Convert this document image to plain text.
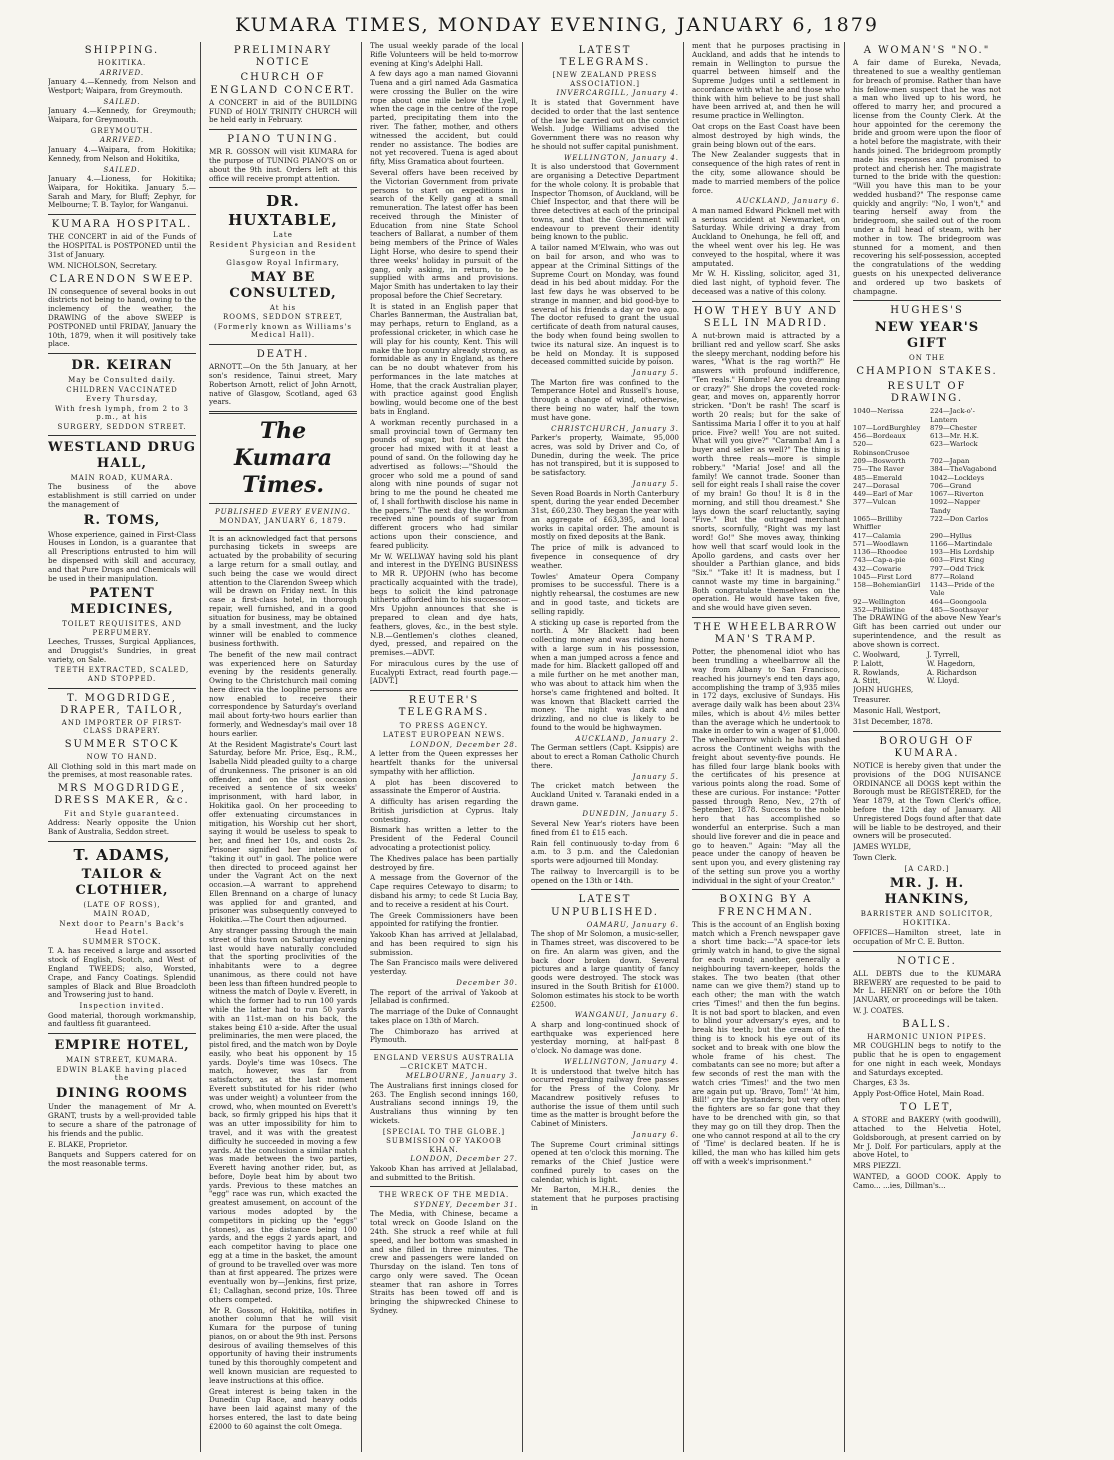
KUMARA TIMES, MONDAY EVENING, JANUARY 6, 1879
SHIPPING.
HOKITIKA.
ARRIVED.

January 4.—Kennedy, from Nelson and Westport; Waipara, from Greymouth.

SAILED.

January 4.—Kennedy, for Greymouth; Waipara, for Greymouth.

GREYMOUTH.
ARRIVED.

January 4.—Waipara, from Hokitika; Kennedy, from Nelson and Hokitika,

SAILED.

January 4.—Lioness, for Hokitika; Waipara, for Hokitika. January 5.—Sarah and Mary, for Bluff; Zephyr, for Melbourne; T. B. Taylor, for Wanganui.

KUMARA HOSPITAL.

THE CONCERT in aid of the Funds of the HOSPITAL is POSTPONED until the 31st of January.

WM. NICHOLSON, Secretary.

CLARENDON SWEEP.

IN consequence of several books in out districts not being to hand, owing to the inclemency of the weather, the DRAWING of the above SWEEP is POSTPONED until FRIDAY, January the 10th, 1879, when it will positively take place.

DR. KEIRAN
May be Consulted daily.
CHILDREN VACCINATED
Every Thursday,
With fresh lymph, from 2 to 3 p.m., at his
SURGERY, SEDDON STREET.
WESTLAND DRUG HALL,
MAIN ROAD, KUMARA.

The business of the above establishment is still carried on under the management of

R. TOMS,

Whose experience, gained in First-Class Houses in London, is a guarantee that all Prescriptions entrusted to him will be dispensed with skill and accuracy, and that Pure Drugs and Chemicals will be used in their manipulation.

PATENT MEDICINES,
TOILET REQUISITES, AND PERFUMERY.

Leeches, Trusses, Surgical Appliances, and Druggist's Sundries, in great variety, on Sale.

TEETH EXTRACTED, SCALED, AND STOPPED.
T. MOGDRIDGE, DRAPER, TAILOR,
AND IMPORTER OF FIRST-CLASS DRAPERY.
SUMMER STOCK
NOW TO HAND.

All Clothing sold in this mart made on the premises, at most reasonable rates.

MRS MOGDRIDGE, DRESS MAKER, &c.
Fit and Style guaranteed.

Address: Nearly opposite the Union Bank of Australia, Seddon street.

T. ADAMS,
TAILOR & CLOTHIER,
(LATE OF ROSS),
MAIN ROAD,
Next door to Pearn's Back's Head Hotel.
SUMMER STOCK.

T. A. has received a large and assorted stock of English, Scotch, and West of England TWEEDS; also, Worsted, Crape, and Fancy Coatings. Splendid samples of Black and Blue Broadcloth and Trowsering just to hand.

Inspection invited.

Good material, thorough workmanship, and faultless fit guaranteed.

EMPIRE HOTEL,
MAIN STREET, KUMARA.
EDWIN BLAKE having placed the
DINING ROOMS

Under the management of Mr A. GRANT, trusts by a well-provided table to secure a share of the patronage of his friends and the public.

E. BLAKE, Proprietor.

Banquets and Suppers catered for on the most reasonable terms.

PRELIMINARY NOTICE
CHURCH OF ENGLAND CONCERT.

A CONCERT in aid of the BUILDING FUND of HOLY TRINITY CHURCH will be held early in February.

PIANO TUNING.

MR R. GOSSON will visit KUMARA for the purpose of TUNING PIANO'S on or about the 9th inst. Orders left at this office will receive prompt attention.

DR. HUXTABLE,
Late
Resident Physician and Resident Surgeon in the
Glasgow Royal Infirmary,
MAY BE CONSULTED,
At his
ROOMS, SEDDON STREET,
(Formerly known as Williams's Medical Hall).
DEATH.

ARNOTT.—On the 5th January, at her son's residence, Tainui street, Mary Robertson Arnott, relict of John Arnott, native of Glasgow, Scotland, aged 63 years.

The Kumara Times.
PUBLISHED EVERY EVENING.
MONDAY, JANUARY 6, 1879.

It is an acknowledged fact that persons purchasing tickets in sweeps are actuated by the probability of securing a large return for a small outlay, and such being the case we would direct attention to the Clarendon Sweep which will be drawn on Friday next. In this case a first-class hotel, in thorough repair, well furnished, and in a good situation for business, may be obtained by a small investment, and the lucky winner will be enabled to commence business forthwith.

The benefit of the new mail contract was experienced here on Saturday evening by the residents generally. Owing to the Christchurch mail coming here direct via the loopline persons are now enabled to receive their correspondence by Saturday's overland mail about forty-two hours earlier than formerly, and Wednesday's mail over 18 hours earlier.

At the Resident Magistrate's Court last Saturday, before Mr. Price, Esq., R.M., Isabella Nidd pleaded guilty to a charge of drunkenness. The prisoner is an old offender, and on the last occasion received a sentence of six weeks' imprisonment, with hard labor, in Hokitika gaol. On her proceeding to offer extenuating circumstances in mitigation, his Worship cut her short, saying it would be useless to speak to her, and fined her 10s, and costs 2s. Prisoner signified her intention of "taking it out" in gaol. The police were then directed to proceed against her under the Vagrant Act on the next occasion.—A warrant to apprehend Ellen Brennand on a charge of lunacy was applied for and granted, and prisoner was subsequently conveyed to Hokitika.—The Court then adjourned.

Any stranger passing through the main street of this town on Saturday evening last would have naturally concluded that the sporting proclivities of the inhabitants were to a degree unanimous, as there could not have been less than fifteen hundred people to witness the match of Doyle v. Everett, in which the former had to run 100 yards while the latter had to run 50 yards with an 11st.-man on his back, the stakes being £10 a-side. After the usual preliminaries, the men were placed, the pistol fired, and the match won by Doyle easily, who beat his opponent by 15 yards. Doyle's time was 10secs. The match, however, was far from satisfactory, as at the last moment Everett substituted for his rider (who was under weight) a volunteer from the crowd, who, when mounted on Everett's back, so firmly gripped his hips that it was an utter impossibility for him to travel, and it was with the greatest difficulty he succeeded in moving a few yards. At the conclusion a similar match was made between the two parties, Everett having another rider, but, as before, Doyle beat him by about two yards. Previous to these matches an "egg" race was run, which exacted the greatest amusement, on account of the various modes adopted by the competitors in picking up the "eggs" (stones), as the distance being 100 yards, and the eggs 2 yards apart, and each competitor having to place one egg at a time in the basket, the amount of ground to be travelled over was more than at first appeared. The prizes were eventually won by—Jenkins, first prize, £1; Callaghan, second prize, 10s. Three others competed.

Mr R. Gosson, of Hokitika, notifies in another column that he will visit Kumara for the purpose of tuning pianos, on or about the 9th inst. Persons desirous of availing themselves of this opportunity of having their instruments tuned by this thoroughly competent and well known musician are requested to leave instructions at this office.

Great interest is being taken in the Dunedin Cup Race, and heavy odds have been laid against many of the horses entered, the last to date being £2000 to 60 against the colt Omega.

The usual weekly parade of the local Rifle Volunteers will be held to-morrow evening at King's Adelphi Hall.

A few days ago a man named Giovanni Tuena and a girl named Ada Gasmatica were crossing the Buller on the wire rope about one mile below the Lyell, when the cage in the centre of the rope parted, precipitating them into the river. The father, mother, and others witnessed the accident, but could render no assistance. The bodies are not yet recovered. Tuena is aged about fifty, Miss Gramatica about fourteen.

Several offers have been received by the Victorian Government from private persons to start on expeditions in search of the Kelly gang at a small remuneration. The latest offer has been received through the Minister of Education from nine State School teachers of Ballarat, a number of them being members of the Prince of Wales Light Horse, who desire to spend their three weeks' holiday in pursuit of the gang, only asking, in return, to be supplied with arms and provisions. Major Smith has undertaken to lay their proposal before the Chief Secretary.

It is stated in an English paper that Charles Bannerman, the Australian bat, may perhaps, return to England, as a professional cricketer, in which case he will play for his county, Kent. This will make the hop country already strong, as formidable as any in England, as there can be no doubt whatever from his performances in the late matches at Home, that the crack Australian player, with practice against good English bowling, would become one of the best bats in England.

A workman recently purchased in a small provincial town of Germany ten pounds of sugar, but found that the grocer had mixed with it at least a pound of sand. On the following day he advertised as follows:—"Should the grocer who sold me a pound of sand along with nine pounds of sugar not bring to me the pound he cheated me of, I shall forthwith disclose his name in the papers." The next day the workman received nine pounds of sugar from different grocers who had similar actions upon their conscience, and feared publicity.

Mr W. WELLWAY having sold his plant and interest in the DYEING BUSINESS to MR R. UPJOHN (who has become practically acquainted with the trade), begs to solicit the kind patronage hitherto afforded him to his successor.—Mrs Upjohn announces that she is prepared to clean and dye hats, feathers, gloves, &c., in the best style. N.B.—Gentlemen's clothes cleaned, dyed, pressed, and repaired on the premises.—ADVT.

For miraculous cures by the use of Eucalypti Extract, read fourth page.—[ADVT.]

REUTER'S TELEGRAMS.
TO PRESS AGENCY.
LATEST EUROPEAN NEWS.
LONDON, December 28.

A letter from the Queen expresses her heartfelt thanks for the universal sympathy with her affliction.

A plot has been discovered to assassinate the Emperor of Austria.

A difficulty has arisen regarding the British jurisdiction at Cyprus. Italy contesting.

Bismark has written a letter to the President of the Federal Council advocating a protectionist policy.

The Khedives palace has been partially destroyed by fire.

A message from the Governor of the Cape requires Cetewayo to disarm; to disband his army; to cede St Lucia Bay, and to receive a resident at his Court.

The Greek Commissioners have been appointed for ratifying the frontier.

Yakoob Khan has arrived at Jellalabad, and has been required to sign his submission.

The San Francisco mails were delivered yesterday.

December 30.

The report of the arrival of Yakoob at Jellabad is confirmed.

The marriage of the Duke of Connaught takes place on 13th of March.

The Chimborazo has arrived at Plymouth.

ENGLAND VERSUS AUSTRALIA—CRICKET MATCH.
MELBOURNE, January 3.

The Australians first innings closed for 263. The English second innings 160, Australians second innings 19, the Australians thus winning by ten wickets.

[SPECIAL TO THE GLOBE.]
SUBMISSION OF YAKOOB KHAN.
LONDON, December 27.

Yakoob Khan has arrived at Jellalabad, and submitted to the British.

THE WRECK OF THE MEDIA.
SYDNEY, December 31.

The Media, with Chinese, became a total wreck on Goode Island on the 24th. She struck a reef while at full speed, and her bottom was smashed in and she filled in three minutes. The crew and passengers were landed on Thursday on the island. Ten tons of cargo only were saved. The Ocean steamer that ran ashore in Torres Straits has been towed off and is bringing the shipwrecked Chinese to Sydney.

LATEST TELEGRAMS.
[NEW ZEALAND PRESS ASSOCIATION.]
INVERCARGILL, January 4.

It is stated that Government have decided to order that the last sentence of the law be carried out on the convict Welsh. Judge Williams advised the Government there was no reason why he should not suffer capital punishment.

WELLINGTON, January 4.

It is also understood that Government are organising a Detective Department for the whole colony. It is probable that Inspector Thomson, of Auckland, will be Chief Inspector, and that there will be three detectives at each of the principal towns, and that the Government will endeavour to prevent their identity being known to the public.

A tailor named M'Elwain, who was out on bail for arson, and who was to appear at the Criminal Sittings of the Supreme Court on Monday, was found dead in his bed about midday. For the last few days he was observed to be strange in manner, and bid good-bye to several of his friends a day or two ago. The doctor refused to grant the usual certificate of death from natural causes, the body when found being swollen to twice its natural size. An inquest is to be held on Monday. It is supposed deceased committed suicide by poison.

January 5.

The Marton fire was confined to the Temperance Hotel and Russell's house, through a change of wind, otherwise, there being no water, half the town must have gone.

CHRISTCHURCH, January 3.

Parker's property, Waimate, 95,000 acres, was sold by Driver and Co, of Dunedin, during the week. The price has not transpired, but it is supposed to be satisfactory.

January 5.

Seven Road Boards in North Canterbury spent, during the year ended December 31st, £60,230. They began the year with an aggregate of £63,395, and local works in capital order. The amount is mostly on fixed deposits at the Bank.

The price of milk is advanced to fivepence in consequence of dry weather.

Towles' Amateur Opera Company promises to be successful. There is a nightly rehearsal, the costumes are new and in good taste, and tickets are selling rapidly.

A sticking up case is reported from the north. A Mr Blackett had been collecting money and was riding home with a large sum in his possession, when a man jumped across a fence and made for him. Blackett galloped off and a mile further on he met another man, who was about to attack him when the horse's came frightened and bolted. It was known that Blackett carried the money. The night was dark and drizzling, and no clue is likely to be found to the would be highwaymen.

AUCKLAND, January 2.

The German settlers (Capt. Ksippis) are about to erect a Roman Catholic Church there.

January 5.

The cricket match between the Auckland United v. Taranaki ended in a drawn game.

DUNEDIN, January 5.

Several New Year's rioters have been fined from £1 to £15 each.

Rain fell continuously to-day from 6 a.m. to 3 p.m. and the Caledonian sports were adjourned till Monday.

The railway to Invercargill is to be opened on the 13th or 14th.

LATEST UNPUBLISHED.
OAMARU, January 6.

The shop of Mr Solomon, a music-seller, in Thames street, was discovered to be on fire. An alarm was given, and the back door broken down. Several pictures and a large quantity of fancy goods were destroyed. The stock was insured in the South British for £1000. Solomon estimates his stock to be worth £2500.

WANGANUI, January 6.

A sharp and long-continued shock of earthquake was experienced here yesterday morning, at half-past 8 o'clock. No damage was done.

WELLINGTON, January 4.

It is understood that twelve hitch has occurred regarding railway free passes for the Press of the Colony. Mr Macandrew positively refuses to authorise the issue of them until such time as the matter is brought before the Cabinet of Ministers.

January 6.

The Supreme Court criminal sittings opened at ten o'clock this morning. The remarks of the Chief Justice were confined purely to cases on the calendar, which is light.

Mr Barton, M.H.R., denies the statement that he purposes practising in

ment that he purposes practising in Auckland, and adds that he intends to remain in Wellington to pursue the quarrel between himself and the Supreme Judges until a settlement in accordance with what he and those who think with him believe to be just shall have been arrived at, and then he will resume practice in Wellington.

Oat crops on the East Coast have been almost destroyed by high winds, the grain being blown out of the ears.

The New Zealander suggests that in consequence of the high rates of rent in the city, some allowance should be made to married members of the police force.

AUCKLAND, January 6.

A man named Edward Picknell met with a serious accident at Newmarket, on Saturday. While driving a dray from Auckland to Onehunga, he fell off, and the wheel went over his leg. He was conveyed to the hospital, where it was amputated.

Mr W. H. Kissling, solicitor, aged 31, died last night, of typhoid fever. The deceased was a native of this colony.

HOW THEY BUY AND SELL IN MADRID.

A nut-brown maid is attracted by a brilliant red and yellow scarf. She asks the sleepy merchant, nodding before his wares, "What is the rag worth?" He answers with profound indifference, "Ten reals." Hombre! Are you dreaming or crazy?" She drops the coveted rock-gear, and moves on, apparently horror stricken. "Don't be rash! The scarf is worth 20 reals; but for the sake of Santissima Maria I offer it to you at half price. Five? well! You are not suited. What will you give?" "Caramba! Am I a buyer and seller as well?" The thing is worth three reals—more is simple robbery." "Maria! Jose! and all the family! We cannot trade. Sooner than sell for eight reals I shall raise the cover of my brain! Go thou! It is 8 in the morning, and still thou dreamest." She lays down the scarf reluctantly, saying "Five." But the outraged merchant snorts, scornfully, "Right was my last word! Go!" She moves away, thinking how well that scarf would look in the Apollo gardens, and casts over her shoulder a Parthian glance, and bids "Six." "Take it! It is madness, but I cannot waste my time in bargaining." Both congratulate themselves on the operation. He would have taken five, and she would have given seven.

THE WHEELBARROW MAN'S TRAMP.

Potter, the phenomenal idiot who has been trundling a wheelbarrow all the way from Albany to San Francisco, reached his journey's end ten days ago, accomplishing the tramp of 3,935 miles in 172 days, exclusive of Sundays. His average daily walk has been about 23¼ miles, which is about 4½ miles better than the average which he undertook to make in order to win a wager of $1,000. The wheelbarrow which he has pushed across the Continent weighs with the freight about seventy-five pounds. He has filled four large blank books with the certificates of his presence at various points along the road. Some of these are curious. For instance: "Potter passed through Reno, Nev., 27th of September, 1878. Success to the noble hero that has accomplished so wonderful an enterprise. Such a man should live forever and die in peace and go to heaven." Again: "May all the peace under the canopy of heaven be sent upon you, and every glistening ray of the setting sun prove you a worthy individual in the sight of your Creator."

BOXING BY A FRENCHMAN.

This is the account of an English boxing match which a French newspaper gave a short time back:—"A space-tor lets grimly watch in hand, to give the signal for each round; another, generally a neighbouring tavern-keeper, holds the stakes. The two beaten (that other name can we give them?) stand up to each other; the man with the watch cries 'Times!' and then the fun begins. It is not bad sport to blacken, and even to blind your adversary's eyes, and to break his teeth; but the cream of the thing is to knock his eye out of its socket and to break with one blow the whole frame of his chest. The combatants can see no more; but after a few seconds of rest the man with the watch cries 'Times!' and the two men are again put up. 'Bravo, Tom!' 'At him, Bill!' cry the bystanders; but very often the fighters are so far gone that they have to be drenched with gin, so that they may go on till they drop. Then the one who cannot respond at all to the cry of 'Time' is declared beaten. If he is killed, the man who has killed him gets off with a week's imprisonment."

A WOMAN'S "NO."

A fair dame of Eureka, Nevada, threatened to sue a wealthy gentleman for breach of promise. Rather than have his fellow-men suspect that he was not a man who lived up to his word, he offered to marry her, and procured a license from the County Clerk. At the hour appointed for the ceremony the bride and groom were upon the floor of a hotel before the magistrate, with their hands joined. The bridegroom promptly made his responses and promised to protect and cherish her. The magistrate turned to the bride with the question: "Will you have this man to be your wedded husband?" The response came quickly and angrily: "No, I won't," and tearing herself away from the bridegroom, she sailed out of the room under a full head of steam, with her mother in tow. The bridegroom was stunned for a moment, and then recovering his self-possession, accepted the congratulations of the wedding guests on his unexpected deliverance and ordered up two baskets of champagne.

HUGHES'S
NEW YEAR'S GIFT
ON THE
CHAMPION STAKES.
RESULT OF DRAWING.
1040—Nerissa	224—Jack-o'-Lantern
107—LordBurghley	879—Chester
456—Bordeaux	613—Mr. H.K.
520—RobinsonCrusoe
623—Warlock
209—Bosworth	702—Japan
75—The Raver	384—TheVagabond
485—Emerald	1042—Lockleys
247—Dorasal	706—Grand
449—Earl of Mar	1067—Riverton
377—Vulcan	1092—Napper Tandy
1065—Brilliby Whiffler
722—Don Carlos
417—Calamia	290—Hyllus
571—Woodlawn	1166—Martindale
1136—Rhoodee	193—His Lordship
743—Cap-a-pie	603—First King
432—Cowarie	797—Odd Trick
1045—First Lord	877—Roland
158—BohemianGirl	1143—Pride of the Vale
92—Wellington	464—Goongoola
352—Philistine	485—Soothsayer

The DRAWING of the above New Year's Gift has been carried out under our superintendence, and the result as above shown is correct.

C. Woolward,	J. Tyrrell,
P. Lalott,	W. Hagedorn,
R. Rowlands,	A. Richardson
A. Stitt,	W. Lloyd.

JOHN HUGHES,

Treasurer.

Masonic Hall, Westport,

31st December, 1878.

BOROUGH OF KUMARA.

NOTICE is hereby given that under the provisions of the DOG NUISANCE ORDINANCE all DOGS kept within the Borough must be REGISTERED, for the Year 1879, at the Town Clerk's office, before the 12th day of January. All Unregistered Dogs found after that date will be liable to be destroyed, and their owners will be prosecuted.

JAMES WYLDE,

Town Clerk.

[A CARD.]
MR. J. H. HANKINS,
BARRISTER AND SOLICITOR,
HOKITIKA.

OFFICES—Hamilton street, late in occupation of Mr C. E. Button.

NOTICE.

ALL DEBTS due to the KUMARA BREWERY are requested to be paid to Mr L. HENRY on or before the 10th JANUARY, or proceedings will be taken.

W. J. COATES.

BALLS.
HARMONIC UNION PIPES.

MR COUGHLIN begs to notify to the public that he is open to engagement for one night in each week, Mondays and Saturdays excepted.

Charges, £3 3s.

Apply Post-Office Hotel, Main Road.

TO LET,

A STORE and BAKERY (with goodwill), attached to the Helvetia Hotel, Goldsborough, at present carried on by Mr J. Dolf. For particulars, apply at the above Hotel, to

MRS PIEZZI.

WANTED, a GOOD COOK. Apply to Camo... ...ies, Dillman's...
